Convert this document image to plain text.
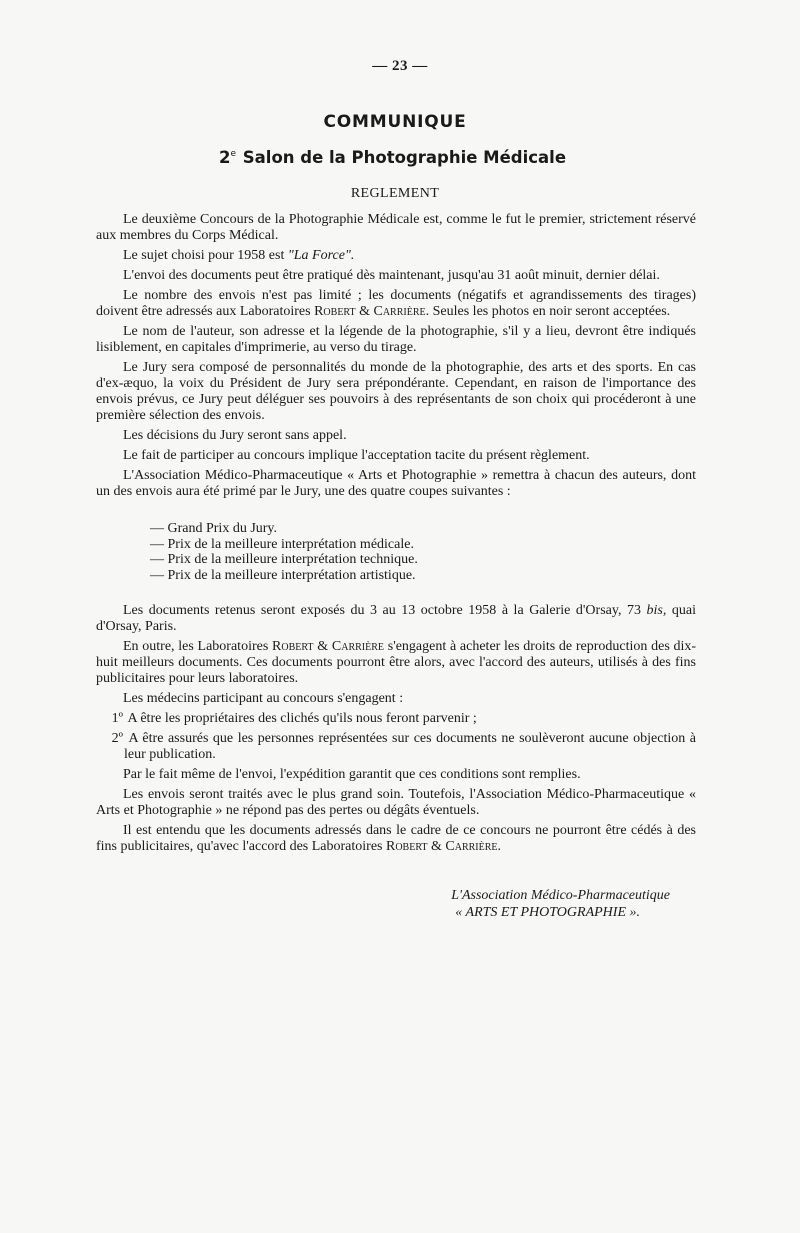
— 23 —
COMMUNIQUE
2e Salon de la Photographie Médicale
REGLEMENT

Le deuxième Concours de la Photographie Médicale est, comme le fut le premier, strictement réservé aux membres du Corps Médical.

Le sujet choisi pour 1958 est "La Force".

L'envoi des documents peut être pratiqué dès maintenant, jusqu'au 31 août minuit, dernier délai.

Le nombre des envois n'est pas limité ; les documents (négatifs et agrandissements des tirages) doivent être adressés aux Laboratoires Robert & Carrière. Seules les photos en noir seront acceptées.

Le nom de l'auteur, son adresse et la légende de la photographie, s'il y a lieu, devront être indiqués lisiblement, en capitales d'imprimerie, au verso du tirage.

Le Jury sera composé de personnalités du monde de la photographie, des arts et des sports. En cas d'ex-æquo, la voix du Président de Jury sera prépondérante. Cependant, en raison de l'importance des envois prévus, ce Jury peut déléguer ses pouvoirs à des représentants de son choix qui procéderont à une première sélection des envois.

Les décisions du Jury seront sans appel.

Le fait de participer au concours implique l'acceptation tacite du présent règlement.

L'Association Médico-Pharmaceutique « Arts et Photographie » remettra à chacun des auteurs, dont un des envois aura été primé par le Jury, une des quatre coupes suivantes :

— Grand Prix du Jury.
— Prix de la meilleure interprétation médicale.
— Prix de la meilleure interprétation technique.
— Prix de la meilleure interprétation artistique.

Les documents retenus seront exposés du 3 au 13 octobre 1958 à la Galerie d'Orsay, 73 bis, quai d'Orsay, Paris.

En outre, les Laboratoires Robert & Carrière s'engagent à acheter les droits de reproduction des dix-huit meilleurs documents. Ces documents pourront être alors, avec l'accord des auteurs, utilisés à des fins publicitaires pour leurs laboratoires.

Les médecins participant au concours s'engagent :

1º A être les propriétaires des clichés qu'ils nous feront parvenir ;
2º A être assurés que les personnes représentées sur ces documents ne soulèveront aucune objection à leur publication.

Par le fait même de l'envoi, l'expédition garantit que ces conditions sont remplies.

Les envois seront traités avec le plus grand soin. Toutefois, l'Association Médico-Pharmaceutique « Arts et Photographie » ne répond pas des pertes ou dégâts éventuels.

Il est entendu que les documents adressés dans le cadre de ce concours ne pourront être cédés à des fins publicitaires, qu'avec l'accord des Laboratoires Robert & Carrière.

L'Association Médico-Pharmaceutique
« ARTS ET PHOTOGRAPHIE ».
